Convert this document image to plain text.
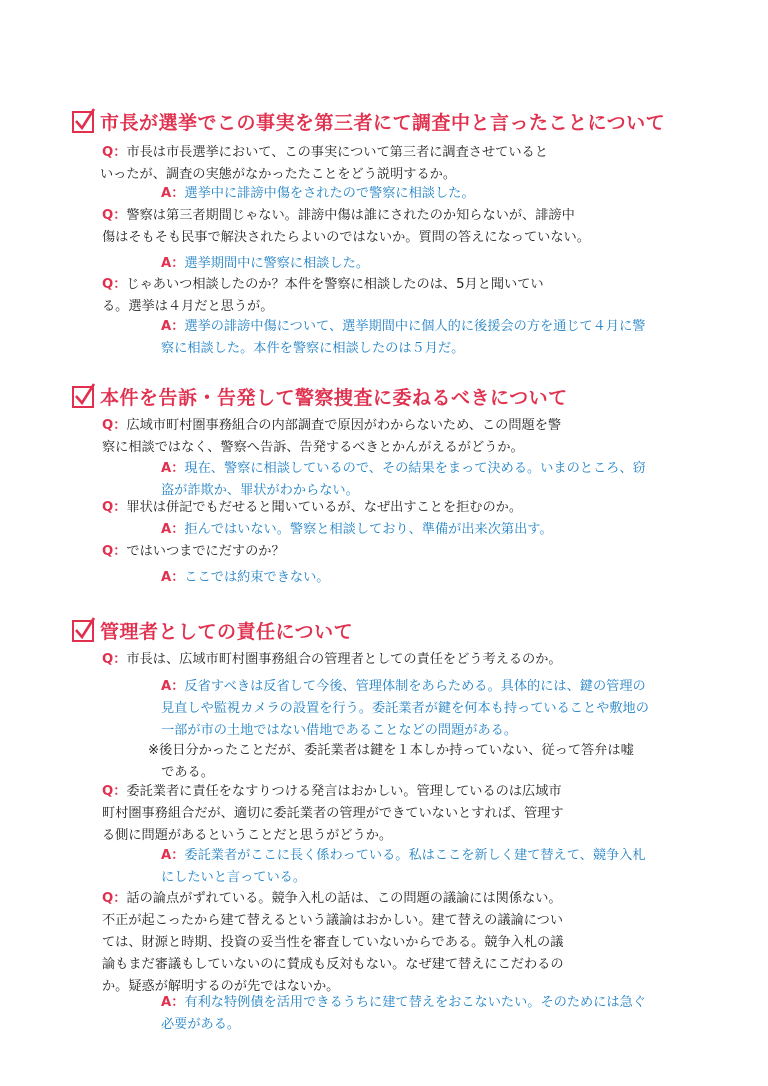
市長が選挙でこの事実を第三者にて調査中と言ったことについて
Q：市長は市長選挙において、この事実について第三者に調査させていると
いったが、調査の実態がなかったたことをどう説明するか。
A：選挙中に誹謗中傷をされたので警察に相談した。
Q：警察は第三者期間じゃない。誹謗中傷は誰にされたのか知らないが、誹謗中
傷はそもそも民事で解決されたらよいのではないか。質問の答えになっていない。
A：選挙期間中に警察に相談した。
Q：じゃあいつ相談したのか？本件を警察に相談したのは、5月と聞いてい
る。選挙は４月だと思うが。
A：選挙の誹謗中傷について、選挙期間中に個人的に後援会の方を通じて４月に警
察に相談した。本件を警察に相談したのは５月だ。
本件を告訴・告発して警察捜査に委ねるべきについて
Q：広域市町村圏事務組合の内部調査で原因がわからないため、この問題を警
察に相談ではなく、警察へ告訴、告発するべきとかんがえるがどうか。
A：現在、警察に相談しているので、その結果をまって決める。いまのところ、窃
盗が詐欺か、罪状がわからない。
Q：罪状は併記でもだせると聞いているが、なぜ出すことを拒むのか。
A：拒んではいない。警察と相談しており、準備が出来次第出す。
Q：ではいつまでにだすのか？
A：ここでは約束できない。
管理者としての責任について
Q：市長は、広域市町村圏事務組合の管理者としての責任をどう考えるのか。
A：反省すべきは反省して今後、管理体制をあらためる。具体的には、鍵の管理の
見直しや監視カメラの設置を行う。委託業者が鍵を何本も持っていることや敷地の
一部が市の土地ではない借地であることなどの問題がある。
※後日分かったことだが、委託業者は鍵を１本しか持っていない、従って答弁は嘘
　である。
Q：委託業者に責任をなすりつける発言はおかしい。管理しているのは広域市
町村圏事務組合だが、適切に委託業者の管理ができていないとすれば、管理す
る側に問題があるということだと思うがどうか。
A：委託業者がここに長く係わっている。私はここを新しく建て替えて、競争入札
にしたいと言っている。
Q：話の論点がずれている。競争入札の話は、この問題の議論には関係ない。
不正が起こったから建て替えるという議論はおかしい。建て替えの議論につい
ては、財源と時期、投資の妥当性を審査していないからである。競争入札の議
論もまだ審議もしていないのに賛成も反対もない。なぜ建て替えにこだわるの
か。疑惑が解明するのが先ではないか。
A：有利な特例債を活用できるうちに建て替えをおこないたい。そのためには急ぐ
必要がある。
